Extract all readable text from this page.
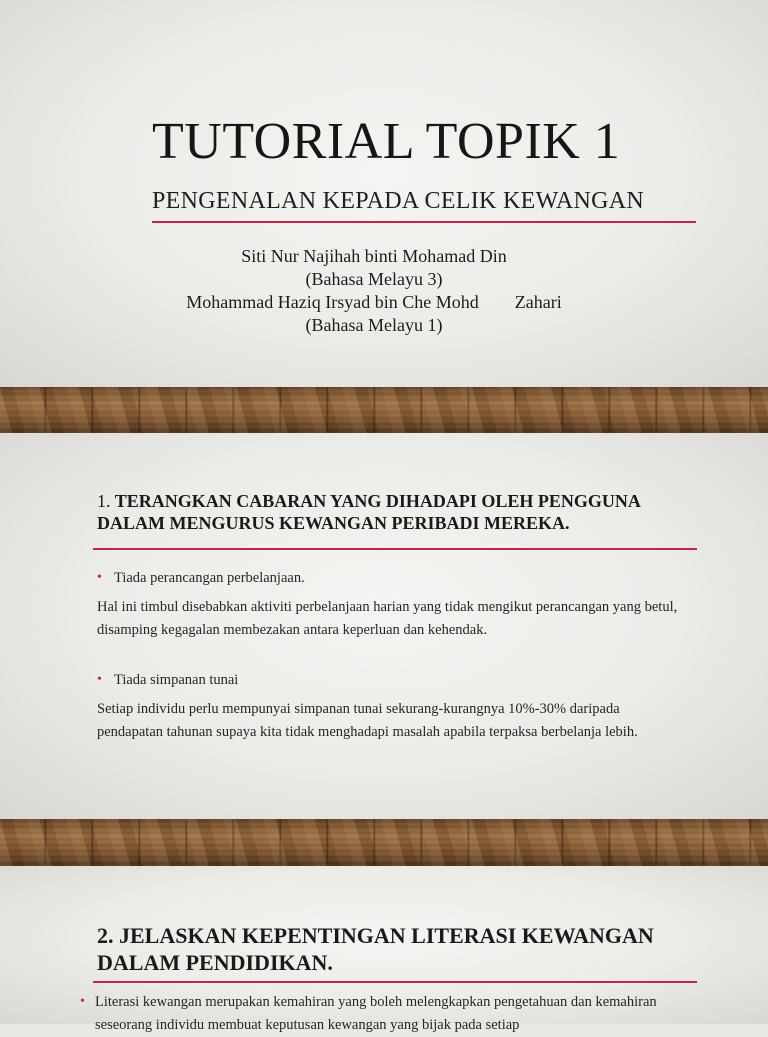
TUTORIAL TOPIK 1
PENGENALAN KEPADA CELIK KEWANGAN
Siti Nur Najihah binti Mohamad Din
(Bahasa Melayu 3)
Mohammad Haziq Irsyad bin Che Mohd        Zahari
(Bahasa Melayu 1)
1. TERANGKAN CABARAN YANG DIHADAPI OLEH PENGGUNA DALAM MENGURUS KEWANGAN PERIBADI MEREKA.

• Tiada perancangan perbelanjaan.

Hal ini timbul disebabkan aktiviti perbelanjaan harian yang tidak mengikut perancangan yang betul, disamping kegagalan membezakan antara keperluan dan kehendak.

• Tiada simpanan tunai

Setiap individu perlu mempunyai simpanan tunai sekurang-kurangnya 10%-30% daripada pendapatan tahunan supaya kita tidak menghadapi masalah apabila terpaksa berbelanja lebih.

2. JELASKAN KEPENTINGAN LITERASI KEWANGAN DALAM PENDIDIKAN.

• Literasi kewangan merupakan kemahiran yang boleh melengkapkan pengetahuan dan kemahiran seseorang individu membuat keputusan kewangan yang bijak pada setiap
